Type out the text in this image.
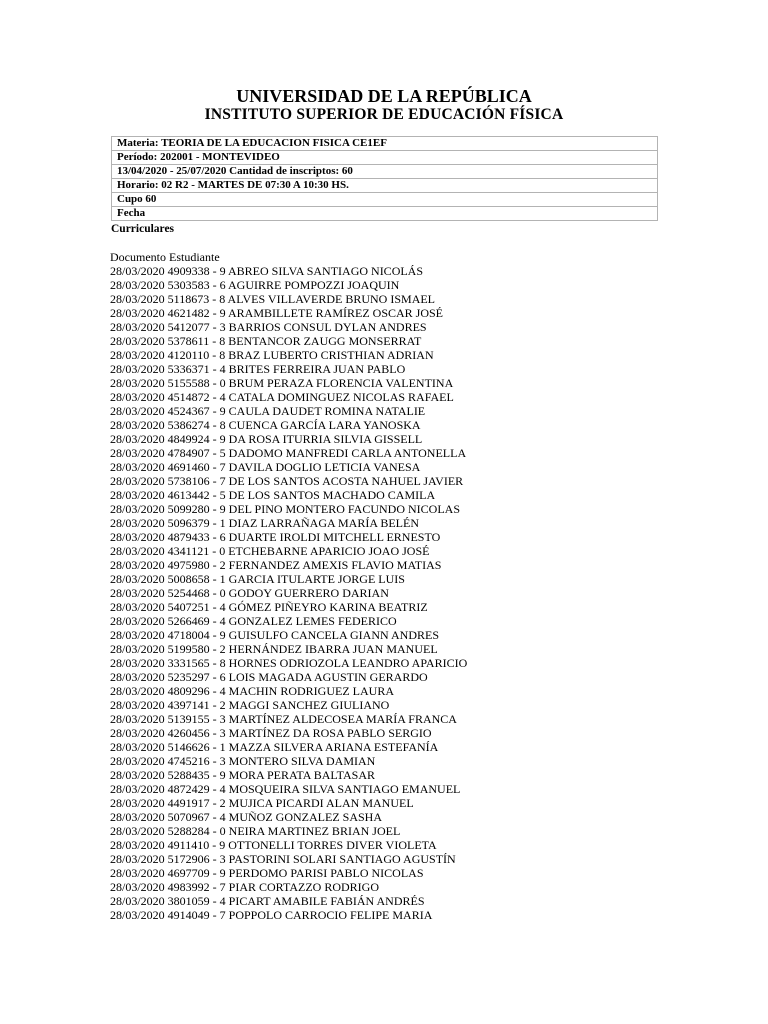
UNIVERSIDAD DE LA REPÚBLICA
INSTITUTO SUPERIOR DE EDUCACIÓN FÍSICA
Materia: TEORIA DE LA EDUCACION FISICA CE1EF
Período: 202001 - MONTEVIDEO
13/04/2020 - 25/07/2020 Cantidad de inscriptos: 60
Horario: 02 R2 - MARTES DE 07:30 A 10:30 HS.
Cupo 60
Fecha
Curriculares
Documento Estudiante
28/03/2020 4909338 - 9 ABREO SILVA SANTIAGO NICOLÁS
28/03/2020 5303583 - 6 AGUIRRE POMPOZZI JOAQUIN
28/03/2020 5118673 - 8 ALVES VILLAVERDE BRUNO ISMAEL
28/03/2020 4621482 - 9 ARAMBILLETE RAMÍREZ OSCAR JOSÉ
28/03/2020 5412077 - 3 BARRIOS CONSUL DYLAN ANDRES
28/03/2020 5378611 - 8 BENTANCOR ZAUGG MONSERRAT
28/03/2020 4120110 - 8 BRAZ LUBERTO CRISTHIAN ADRIAN
28/03/2020 5336371 - 4 BRITES FERREIRA JUAN PABLO
28/03/2020 5155588 - 0 BRUM PERAZA FLORENCIA VALENTINA
28/03/2020 4514872 - 4 CATALA DOMINGUEZ NICOLAS RAFAEL
28/03/2020 4524367 - 9 CAULA DAUDET ROMINA NATALIE
28/03/2020 5386274 - 8 CUENCA GARCÍA LARA YANOSKA
28/03/2020 4849924 - 9 DA ROSA ITURRIA SILVIA GISSELL
28/03/2020 4784907 - 5 DADOMO MANFREDI CARLA ANTONELLA
28/03/2020 4691460 - 7 DAVILA DOGLIO LETICIA VANESA
28/03/2020 5738106 - 7 DE LOS SANTOS ACOSTA NAHUEL JAVIER
28/03/2020 4613442 - 5 DE LOS SANTOS MACHADO CAMILA
28/03/2020 5099280 - 9 DEL PINO MONTERO FACUNDO NICOLAS
28/03/2020 5096379 - 1 DIAZ LARRAÑAGA MARÍA BELÉN
28/03/2020 4879433 - 6 DUARTE IROLDI MITCHELL ERNESTO
28/03/2020 4341121 - 0 ETCHEBARNE APARICIO JOAO JOSÉ
28/03/2020 4975980 - 2 FERNANDEZ AMEXIS FLAVIO MATIAS
28/03/2020 5008658 - 1 GARCIA ITULARTE JORGE LUIS
28/03/2020 5254468 - 0 GODOY GUERRERO DARIAN
28/03/2020 5407251 - 4 GÓMEZ PIÑEYRO KARINA BEATRIZ
28/03/2020 5266469 - 4 GONZALEZ LEMES FEDERICO
28/03/2020 4718004 - 9 GUISULFO CANCELA GIANN ANDRES
28/03/2020 5199580 - 2 HERNÁNDEZ IBARRA JUAN MANUEL
28/03/2020 3331565 - 8 HORNES ODRIOZOLA LEANDRO APARICIO
28/03/2020 5235297 - 6 LOIS MAGADA AGUSTIN GERARDO
28/03/2020 4809296 - 4 MACHIN RODRIGUEZ LAURA
28/03/2020 4397141 - 2 MAGGI SANCHEZ GIULIANO
28/03/2020 5139155 - 3 MARTÍNEZ ALDECOSEA MARÍA FRANCA
28/03/2020 4260456 - 3 MARTÍNEZ DA ROSA PABLO SERGIO
28/03/2020 5146626 - 1 MAZZA SILVERA ARIANA ESTEFANÍA
28/03/2020 4745216 - 3 MONTERO SILVA DAMIAN
28/03/2020 5288435 - 9 MORA PERATA BALTASAR
28/03/2020 4872429 - 4 MOSQUEIRA SILVA SANTIAGO EMANUEL
28/03/2020 4491917 - 2 MUJICA PICARDI ALAN MANUEL
28/03/2020 5070967 - 4 MUÑOZ GONZALEZ SASHA
28/03/2020 5288284 - 0 NEIRA MARTINEZ BRIAN JOEL
28/03/2020 4911410 - 9 OTTONELLI TORRES DIVER VIOLETA
28/03/2020 5172906 - 3 PASTORINI SOLARI SANTIAGO AGUSTÍN
28/03/2020 4697709 - 9 PERDOMO PARISI PABLO NICOLAS
28/03/2020 4983992 - 7 PIAR CORTAZZO RODRIGO
28/03/2020 3801059 - 4 PICART AMABILE FABIÁN ANDRÉS
28/03/2020 4914049 - 7 POPPOLO CARROCIO FELIPE MARIA
